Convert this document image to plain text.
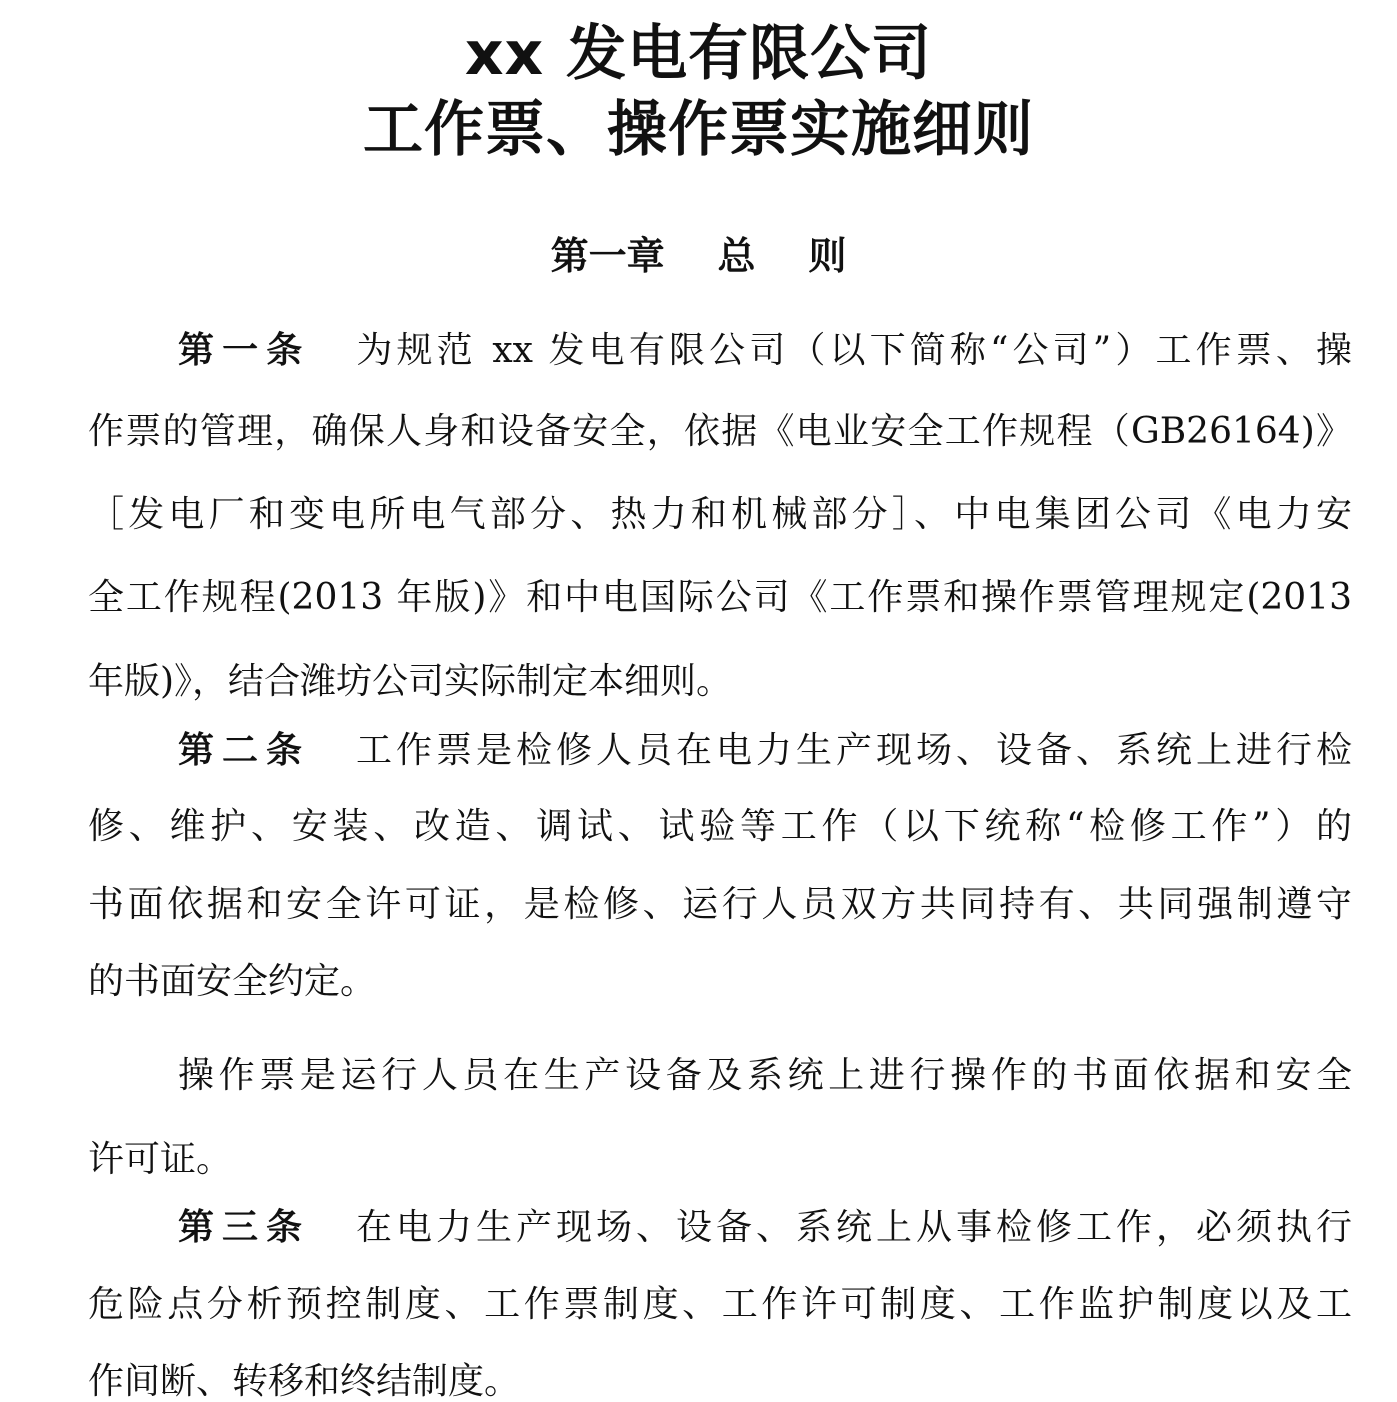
xx 发电有限公司
工作票、操作票实施细则
第一章    总    则

第一条 为规范 xx 发电有限公司（以下简称“公司”）工作票、操

作票的管理，确保人身和设备安全，依据《电业安全工作规程（GB26164)》

［发电厂和变电所电气部分、热力和机械部分］、中电集团公司《电力安

全工作规程(2013 年版)》和中电国际公司《工作票和操作票管理规定(2013

年版)》，结合潍坊公司实际制定本细则。

第二条 工作票是检修人员在电力生产现场、设备、系统上进行检

修、维护、安装、改造、调试、试验等工作（以下统称“检修工作”）的

书面依据和安全许可证，是检修、运行人员双方共同持有、共同强制遵守

的书面安全约定。

操作票是运行人员在生产设备及系统上进行操作的书面依据和安全

许可证。

第三条 在电力生产现场、设备、系统上从事检修工作，必须执行

危险点分析预控制度、工作票制度、工作许可制度、工作监护制度以及工

作间断、转移和终结制度。
